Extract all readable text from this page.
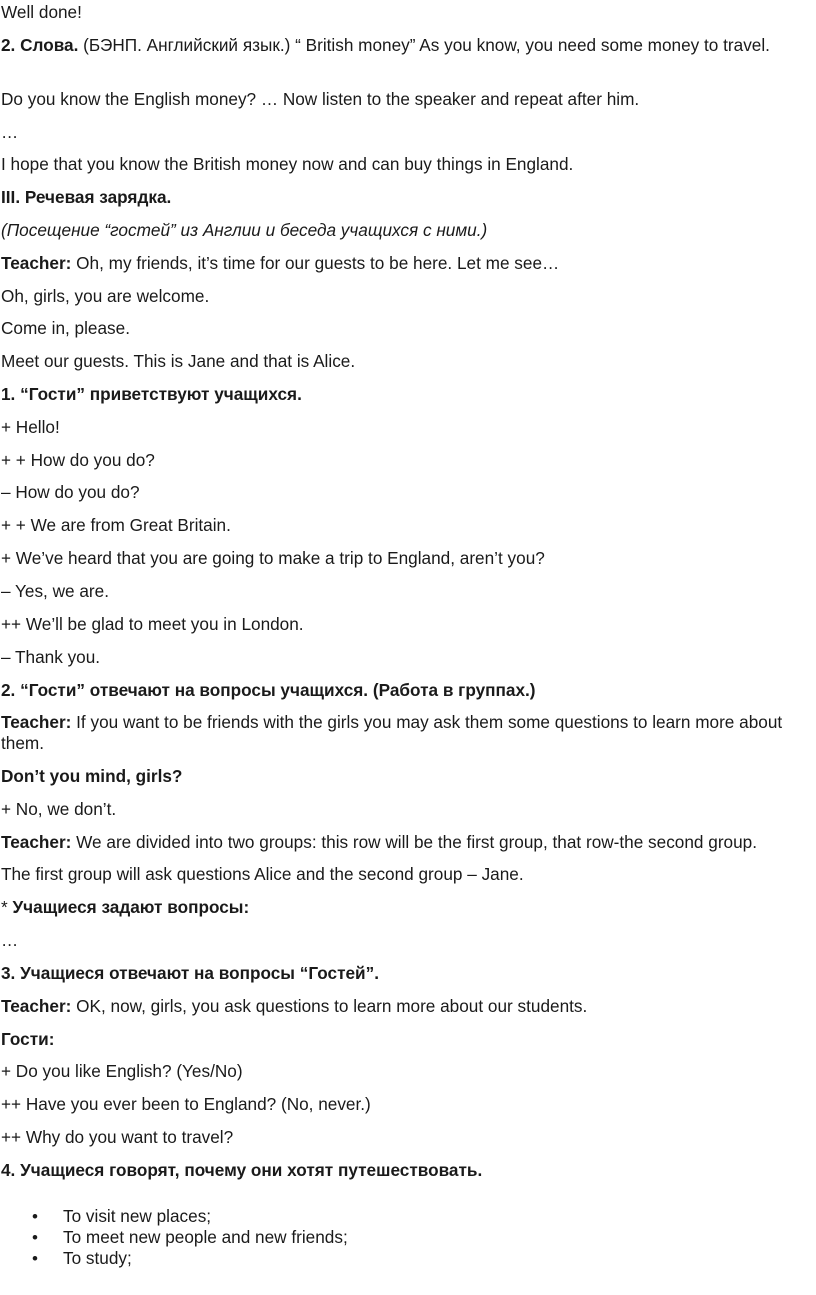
Well done!

2. Слова. (БЭНП. Английский язык.) “ British money” As you know, you need some money to travel.

Do you know the English money? … Now listen to the speaker and repeat after him.

…

I hope that you know the British money now and can buy things in England.

III. Речевая зарядка.

(Посещение “гостей” из Англии и беседа учащихся с ними.)

Teacher: Oh, my friends, it’s time for our guests to be here. Let me see…

Oh, girls, you are welcome.

Come in, please.

Meet our guests. This is Jane and that is Alice.

1. “Гости” приветствуют учащихся.

+ Hello!

+ + How do you do?

– How do you do?

+ + We are from Great Britain.

+ We’ve heard that you are going to make a trip to England, aren’t you?

– Yes, we are.

++ We’ll be glad to meet you in London.

– Thank you.

2. “Гости” отвечают на вопросы учащихся. (Работа в группах.)

Teacher: If you want to be friends with the girls you may ask them some questions to learn more about them.

Don’t you mind, girls?

+ No, we don’t.

Teacher: We are divided into two groups: this row will be the first group, that row-the second group.

The first group will ask questions Alice and the second group – Jane.

* Учащиеся задают вопросы:

…

3. Учащиеся отвечают на вопросы “Гостей”.

Teacher: OK, now, girls, you ask questions to learn more about our students.

Гости:

+ Do you like English? (Yes/No)

++ Have you ever been to England? (No, never.)

++ Why do you want to travel?

4. Учащиеся говорят, почему они хотят путешествовать.

• To visit new places;
• To meet new people and new friends;
• To study;
